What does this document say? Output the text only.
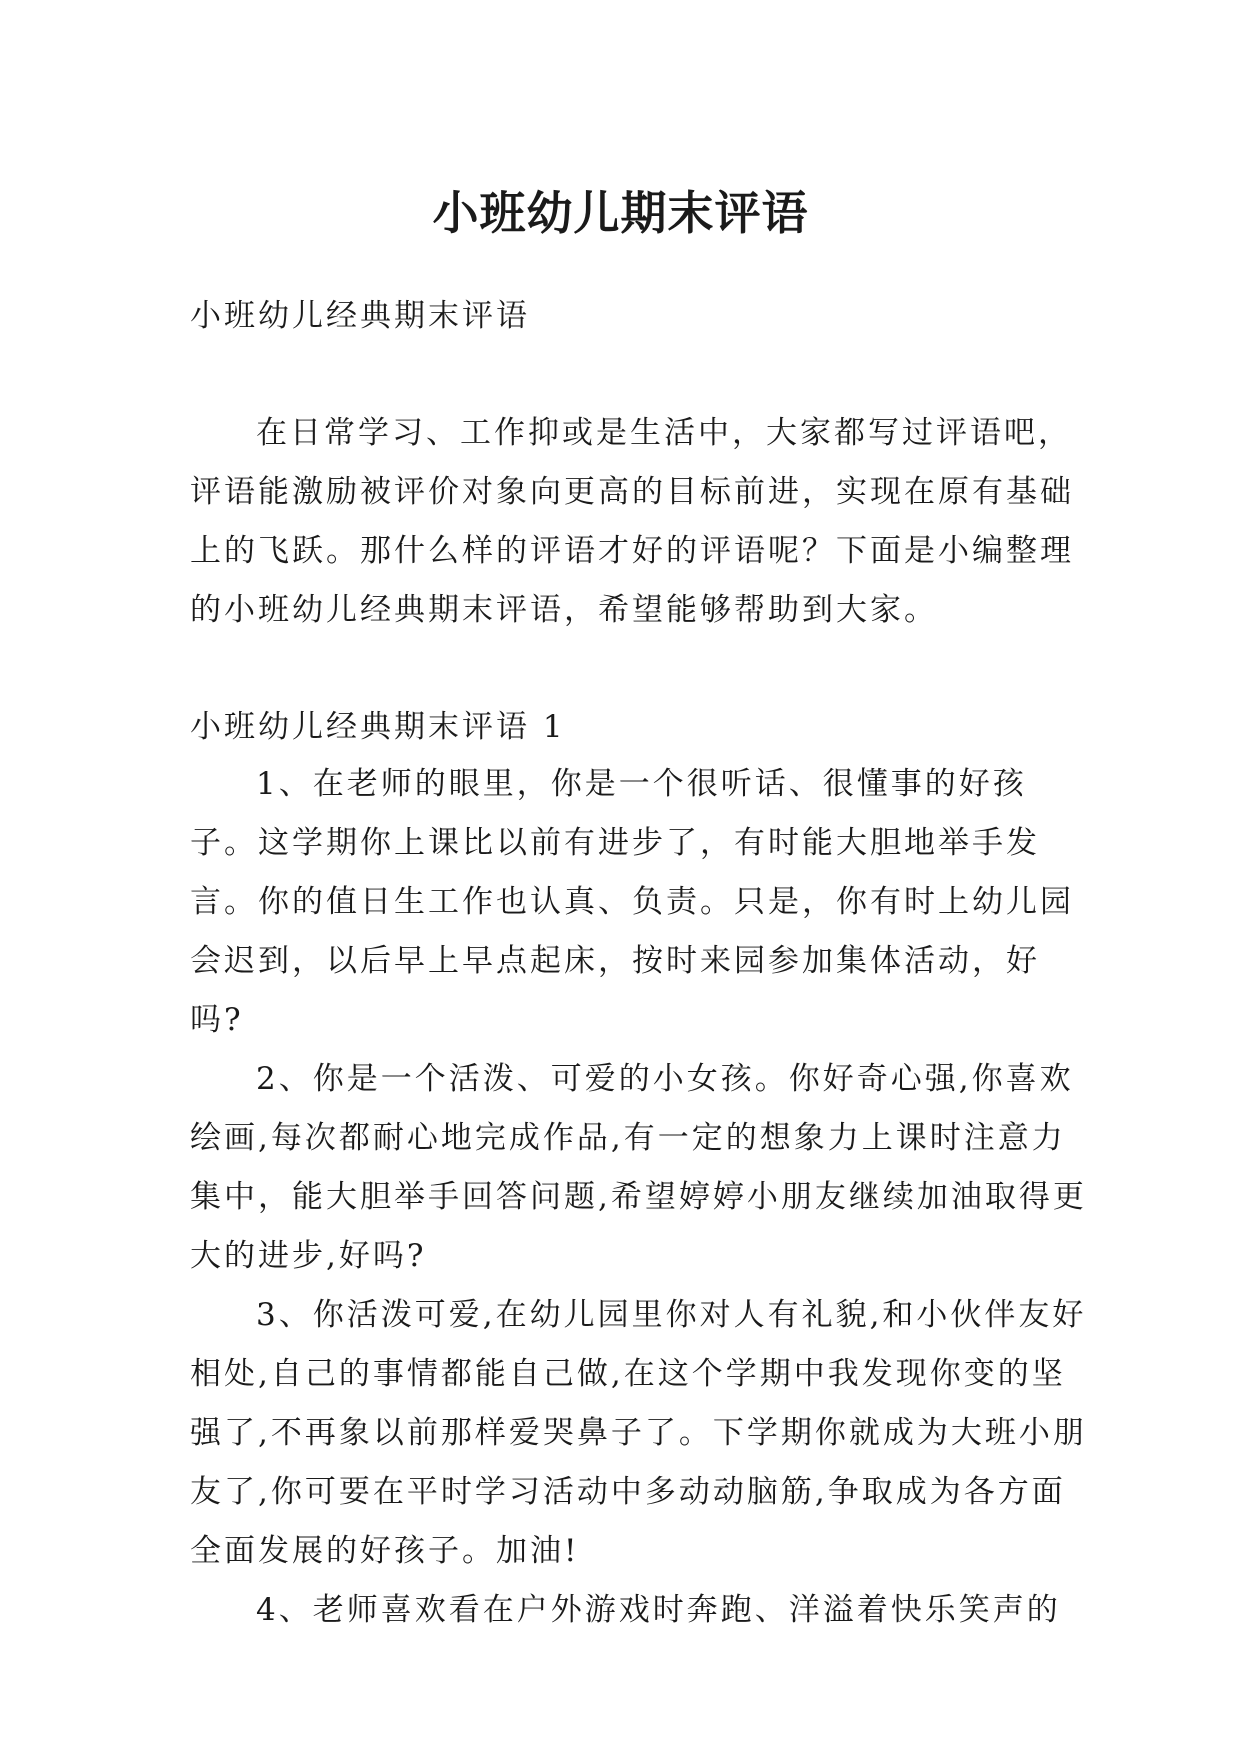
小班幼儿期末评语

小班幼儿经典期末评语

在日常学习、工作抑或是生活中，大家都写过评语吧，评语能激励被评价对象向更高的目标前进，实现在原有基础上的飞跃。那什么样的评语才好的评语呢？下面是小编整理的小班幼儿经典期末评语，希望能够帮助到大家。

小班幼儿经典期末评语 1

1、在老师的眼里，你是一个很听话、很懂事的好孩子。这学期你上课比以前有进步了，有时能大胆地举手发言。你的值日生工作也认真、负责。只是，你有时上幼儿园会迟到，以后早上早点起床，按时来园参加集体活动，好吗?

2、你是一个活泼、可爱的小女孩。你好奇心强,你喜欢绘画,每次都耐心地完成作品,有一定的想象力上课时注意力集中，能大胆举手回答问题,希望婷婷小朋友继续加油取得更大的进步,好吗?

3、你活泼可爱,在幼儿园里你对人有礼貌,和小伙伴友好相处,自己的事情都能自己做,在这个学期中我发现你变的坚强了,不再象以前那样爱哭鼻子了。下学期你就成为大班小朋友了,你可要在平时学习活动中多动动脑筋,争取成为各方面全面发展的好孩子。加油!

4、老师喜欢看在户外游戏时奔跑、洋溢着快乐笑声的
